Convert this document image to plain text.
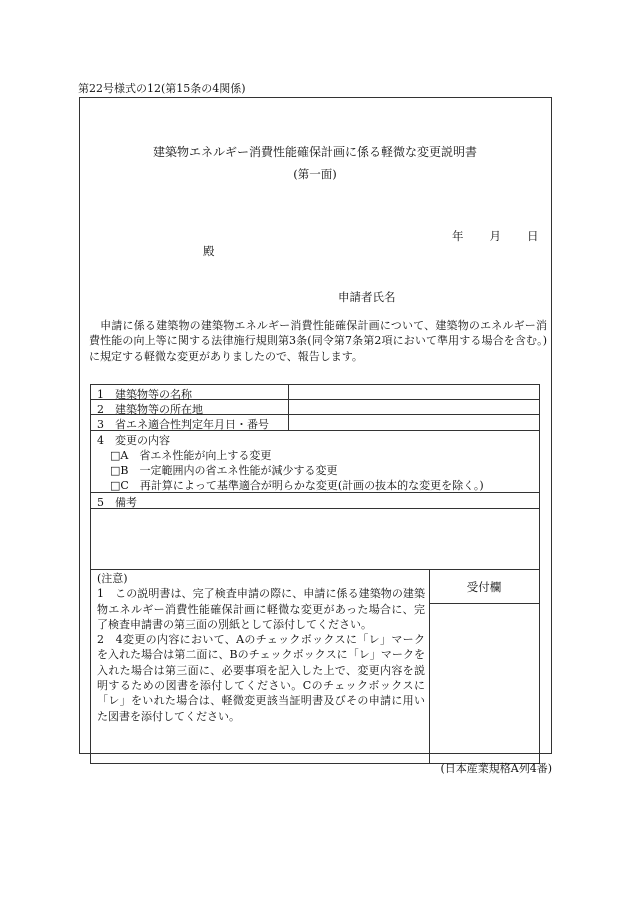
第22号様式の12(第15条の4関係)
建築物エネルギー消費性能確保計画に係る軽微な変更説明書
(第一面)
年 月 日
殿
申請者氏名
申請に係る建築物の建築物エネルギー消費性能確保計画について、建築物のエネルギー消費性能の向上等に関する法律施行規則第3条(同令第7条第2項において準用する場合を含む。)に規定する軽微な変更がありましたので、報告します。
1　 建築物等の名称
2　 建築物等の所在地
3　 省エネ適合性判定年月日・番号
4　 変更の内容
□A　 省エネ性能が向上する変更
□B　 一定範囲内の省エネ性能が減少する変更
□C　 再計算によって基準適合が明らかな変更(計画の抜本的な変更を除く。)
5　 備考

(注意)

1　この説明書は、完了検査申請の際に、申請に係る建築物の建築物エネルギー消費性能確保計画に軽微な変更があった場合に、完了検査申請書の第三面の別紙として添付してください。

2　4変更の内容において、Aのチェックボックスに「レ」マークを入れた場合は第二面に、Bのチェックボックスに「レ」マークを入れた場合は第三面に、必要事項を記入した上で、変更内容を説明するための図書を添付してください。Cのチェックボックスに「レ」をいれた場合は、軽微変更該当証明書及びその申請に用いた図書を添付してください。

受付欄
(日本産業規格A列4番)
